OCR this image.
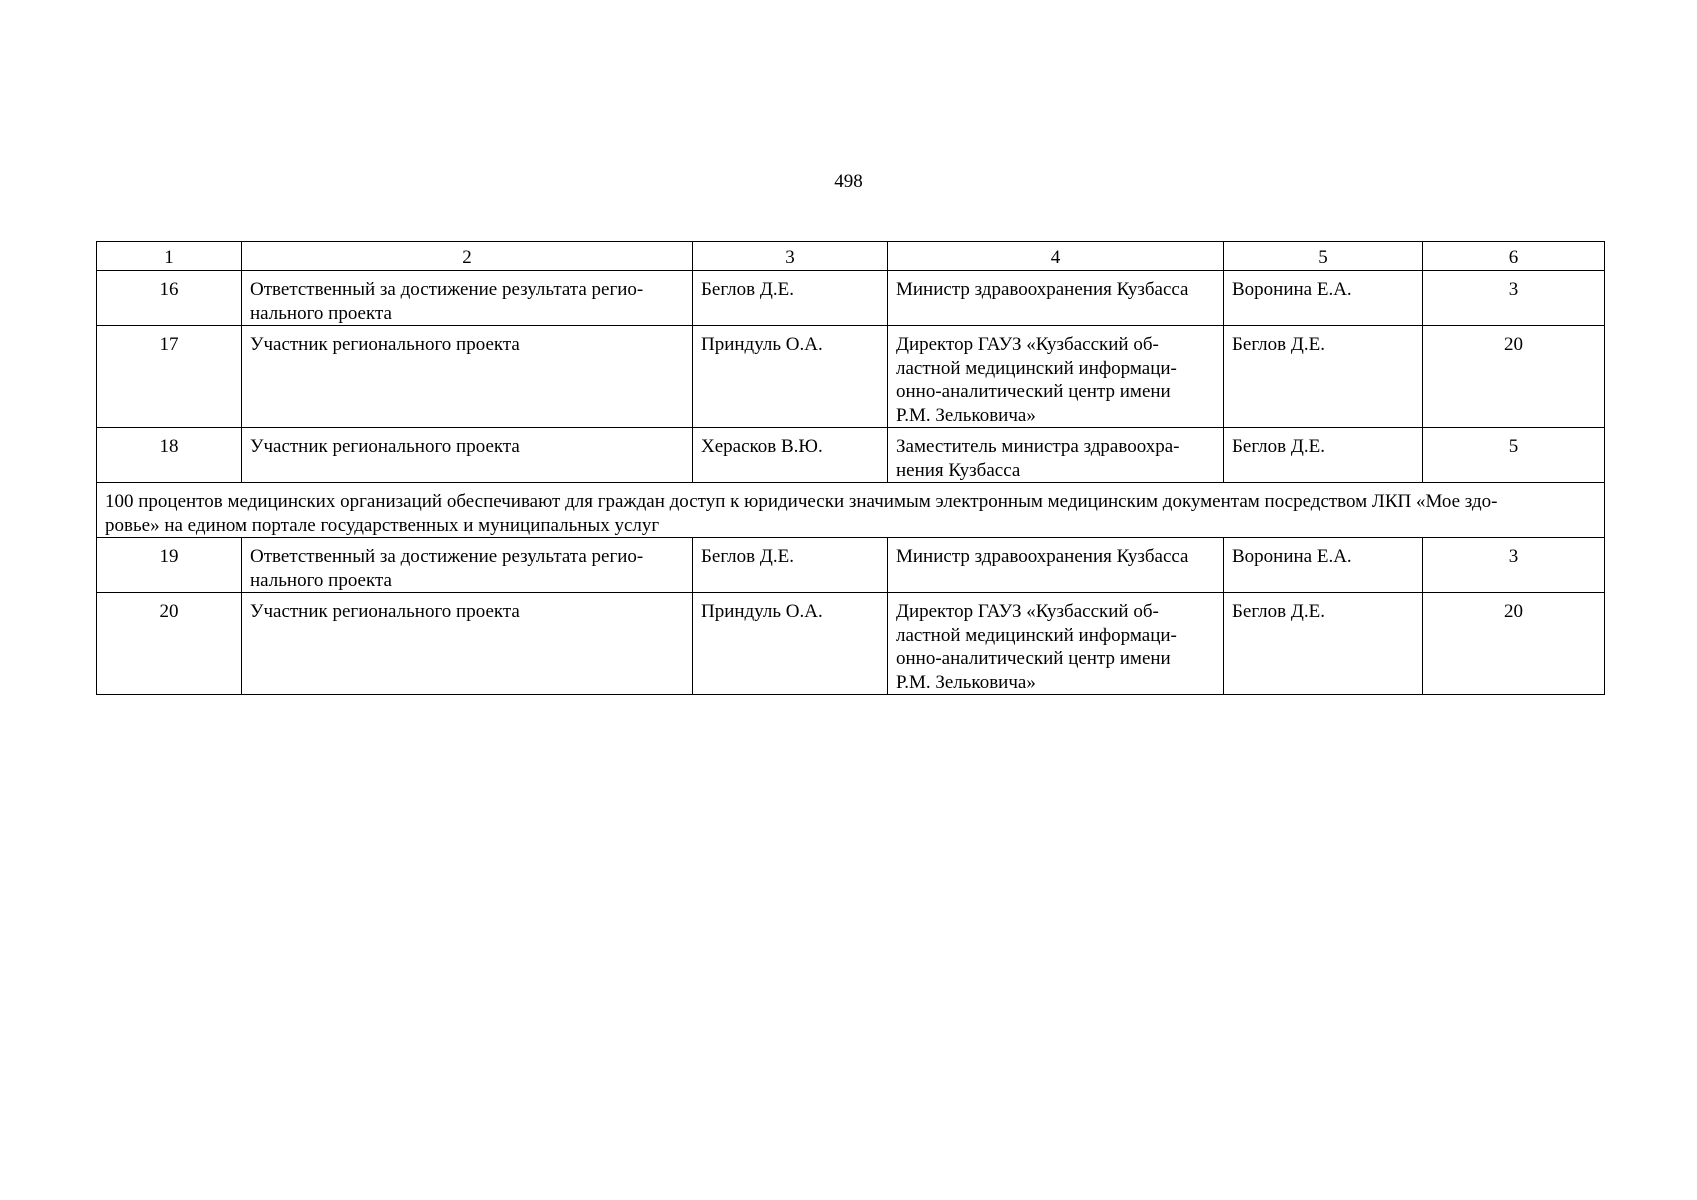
498
1	2	3	4	5	6
16	Ответственный за достижение результата регио-
нального проекта	Беглов Д.Е.	Министр здравоохранения Кузбасса	Воронина Е.А.	3
17	Участник регионального проекта	Приндуль О.А.	Директор ГАУЗ «Кузбасский об-
ластной медицинский информаци-
онно-аналитический центр имени
Р.М. Зельковича»	Беглов Д.Е.	20
18	Участник регионального проекта	Херасков В.Ю.	Заместитель министра здравоохра-
нения Кузбасса	Беглов Д.Е.	5

100 процентов медицинских организаций обеспечивают для граждан доступ к юридически значимым электронным медицинским документам посредством ЛКП «Мое здо-
ровье» на едином портале государственных и муниципальных услуг					

19	Ответственный за достижение результата регио-
нального проекта	Беглов Д.Е.	Министр здравоохранения Кузбасса	Воронина Е.А.	3
20	Участник регионального проекта	Приндуль О.А.	Директор ГАУЗ «Кузбасский об-
ластной медицинский информаци-
онно-аналитический центр имени
Р.М. Зельковича»	Беглов Д.Е.	20
